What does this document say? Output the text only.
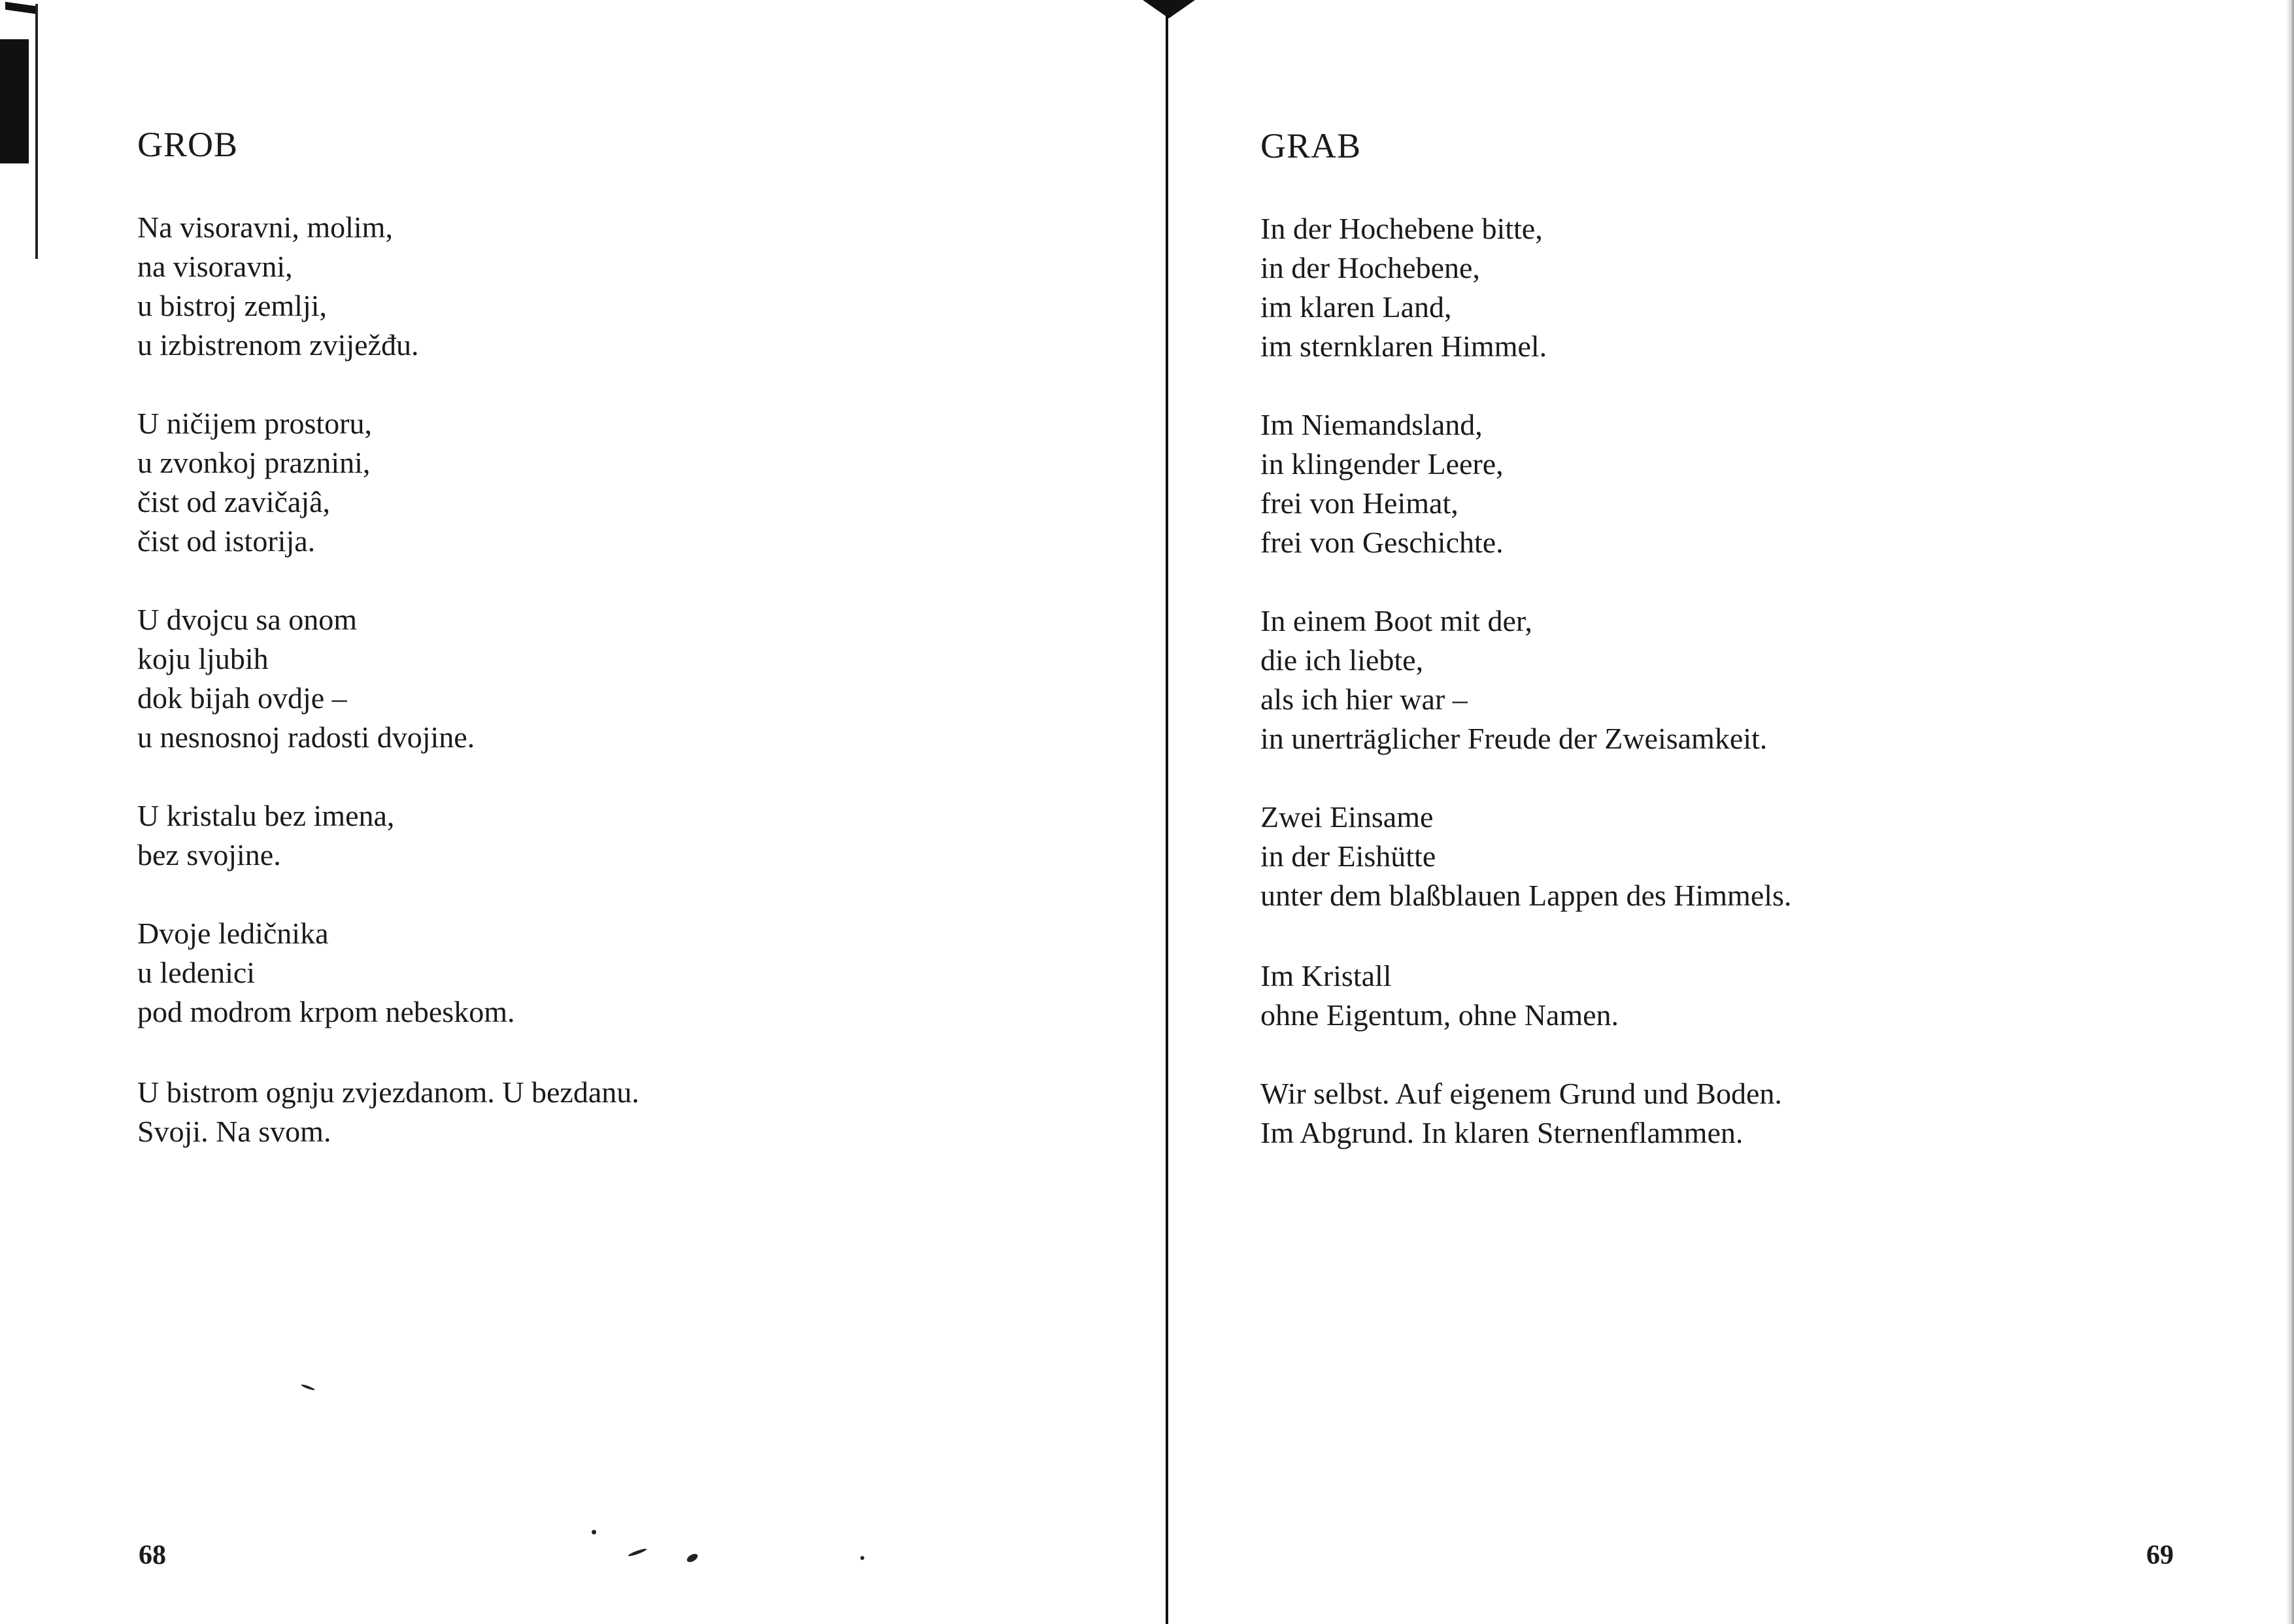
GROB
Na visoravni, molim,
na visoravni,
u bistroj zemlji,
u izbistrenom zviježđu.
U ničijem prostoru,
u zvonkoj praznini,
čist od zavičajâ,
čist od istorija.
U dvojcu sa onom
koju ljubih
dok bijah ovdje –
u nesnosnoj radosti dvojine.
U kristalu bez imena,
bez svojine.
Dvoje ledičnika
u ledenici
pod modrom krpom nebeskom.
U bistrom ognju zvjezdanom. U bezdanu.
Svoji. Na svom.

68

GRAB
In der Hochebene bitte,
in der Hochebene,
im klaren Land,
im sternklaren Himmel.
Im Niemandsland,
in klingender Leere,
frei von Heimat,
frei von Geschichte.
In einem Boot mit der,
die ich liebte,
als ich hier war –
in unerträglicher Freude der Zweisamkeit.
Zwei Einsame
in der Eishütte
unter dem blaßblauen Lappen des Himmels.
Im Kristall
ohne Eigentum, ohne Namen.
Wir selbst. Auf eigenem Grund und Boden.
Im Abgrund. In klaren Sternenflammen.

69
